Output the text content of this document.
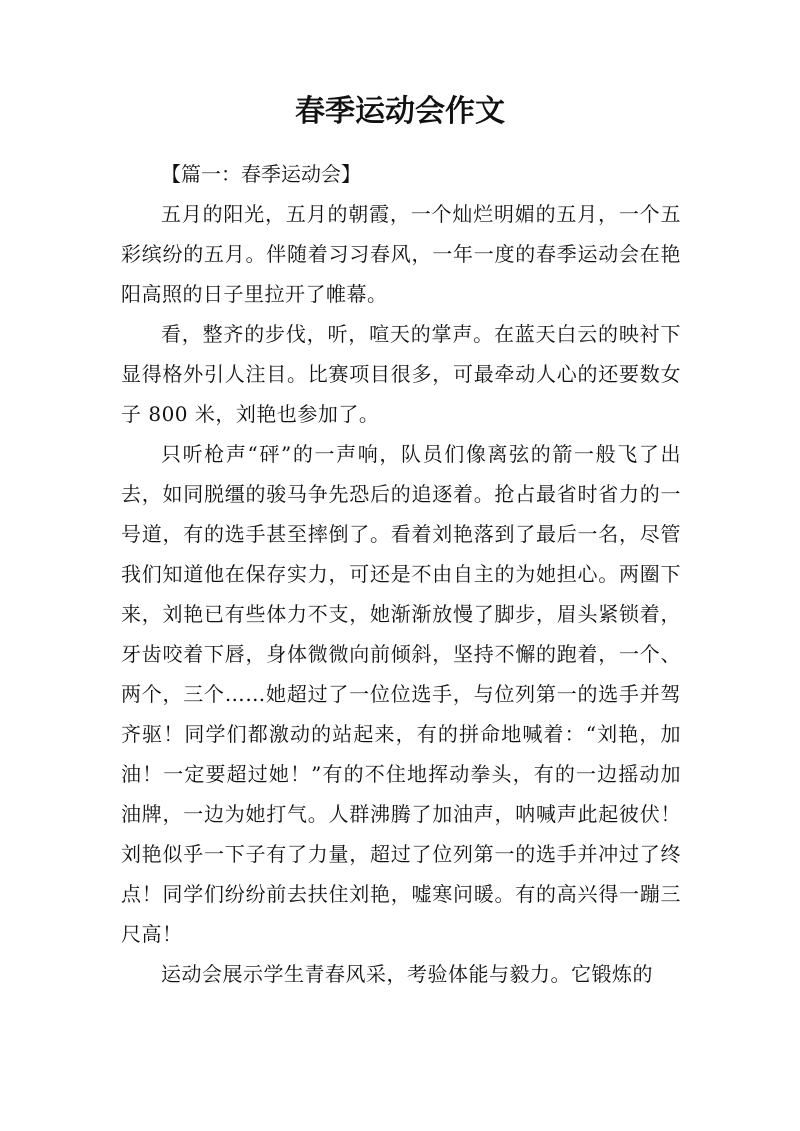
春季运动会作文

【篇一：春季运动会】

五月的阳光，五月的朝霞，一个灿烂明媚的五月，一个五彩缤纷的五月。伴随着习习春风，一年一度的春季运动会在艳阳高照的日子里拉开了帷幕。

看，整齐的步伐，听，喧天的掌声。在蓝天白云的映衬下显得格外引人注目。比赛项目很多，可最牵动人心的还要数女子 800 米，刘艳也参加了。

只听枪声“砰”的一声响，队员们像离弦的箭一般飞了出去，如同脱缰的骏马争先恐后的追逐着。抢占最省时省力的一号道，有的选手甚至摔倒了。看着刘艳落到了最后一名，尽管我们知道他在保存实力，可还是不由自主的为她担心。两圈下来，刘艳已有些体力不支，她渐渐放慢了脚步，眉头紧锁着，牙齿咬着下唇，身体微微向前倾斜，坚持不懈的跑着，一个、两个，三个……她超过了一位位选手，与位列第一的选手并驾齐驱！同学们都激动的站起来，有的拼命地喊着：“刘艳，加油！一定要超过她！”有的不住地挥动拳头，有的一边摇动加油牌，一边为她打气。人群沸腾了加油声，呐喊声此起彼伏！刘艳似乎一下子有了力量，超过了位列第一的选手并冲过了终点！同学们纷纷前去扶住刘艳，嘘寒问暖。有的高兴得一蹦三尺高！

运动会展示学生青春风采，考验体能与毅力。它锻炼的
